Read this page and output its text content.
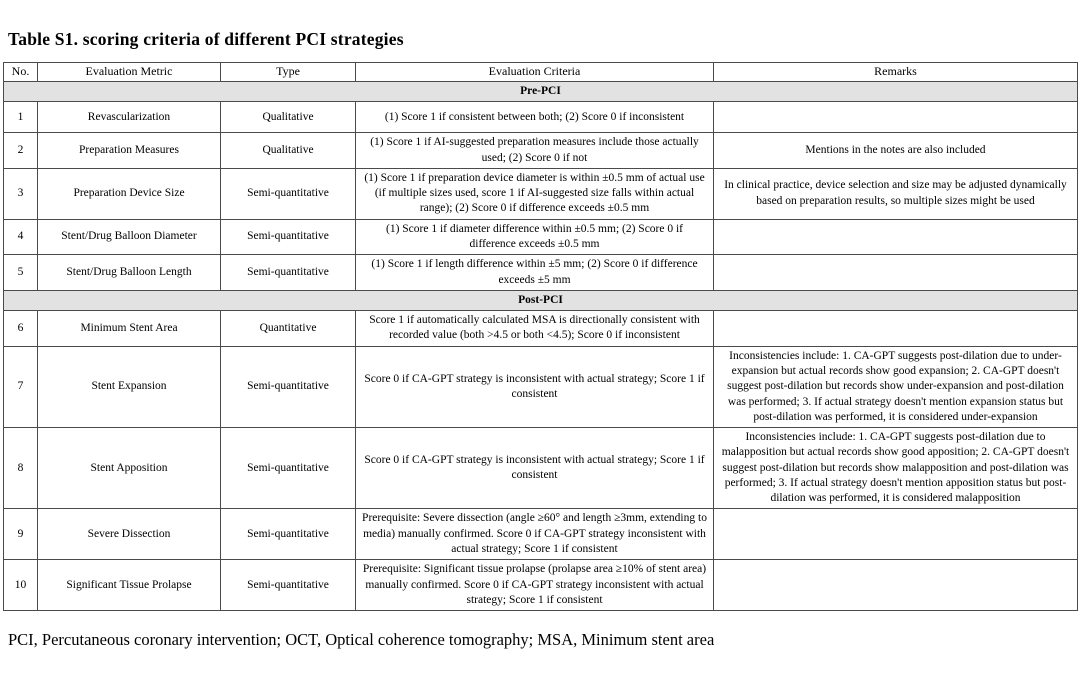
Table S1. scoring criteria of different PCI strategies
No.	Evaluation Metric	Type	Evaluation Criteria	Remarks
Pre-PCI				
1	Revascularization	Qualitative	(1) Score 1 if consistent between both; (2) Score 0 if inconsistent	
2	Preparation Measures	Qualitative	(1) Score 1 if AI-suggested preparation measures include those actually used; (2) Score 0 if not	Mentions in the notes are also included
3	Preparation Device Size	Semi-quantitative	(1) Score 1 if preparation device diameter is within ±0.5 mm of actual use (if multiple sizes used, score 1 if AI-suggested size falls within actual range); (2) Score 0 if difference exceeds ±0.5 mm	In clinical practice, device selection and size may be adjusted dynamically based on preparation results, so multiple sizes might be used
4	Stent/Drug Balloon Diameter	Semi-quantitative	(1) Score 1 if diameter difference within ±0.5 mm; (2) Score 0 if difference exceeds ±0.5 mm	
5	Stent/Drug Balloon Length	Semi-quantitative	(1) Score 1 if length difference within ±5 mm; (2) Score 0 if difference exceeds ±5 mm	
Post-PCI				
6	Minimum Stent Area	Quantitative	Score 1 if automatically calculated MSA is directionally consistent with recorded value (both >4.5 or both <4.5); Score 0 if inconsistent	
7	Stent Expansion	Semi-quantitative	Score 0 if CA-GPT strategy is inconsistent with actual strategy; Score 1 if consistent	Inconsistencies include: 1. CA-GPT suggests post-dilation due to under-expansion but actual records show good expansion; 2. CA-GPT doesn't suggest post-dilation but records show under-expansion and post-dilation was performed; 3. If actual strategy doesn't mention expansion status but post-dilation was performed, it is considered under-expansion
8	Stent Apposition	Semi-quantitative	Score 0 if CA-GPT strategy is inconsistent with actual strategy; Score 1 if consistent	Inconsistencies include: 1. CA-GPT suggests post-dilation due to malapposition but actual records show good apposition; 2. CA-GPT doesn't suggest post-dilation but records show malapposition and post-dilation was performed; 3. If actual strategy doesn't mention apposition status but post-dilation was performed, it is considered malapposition
9	Severe Dissection	Semi-quantitative	Prerequisite: Severe dissection (angle ≥60° and length ≥3mm, extending to media) manually confirmed. Score 0 if CA-GPT strategy inconsistent with actual strategy; Score 1 if consistent	
10	Significant Tissue Prolapse	Semi-quantitative	Prerequisite: Significant tissue prolapse (prolapse area ≥10% of stent area) manually confirmed. Score 0 if CA-GPT strategy inconsistent with actual strategy; Score 1 if consistent	
PCI, Percutaneous coronary intervention; OCT, Optical coherence tomography; MSA, Minimum stent area
